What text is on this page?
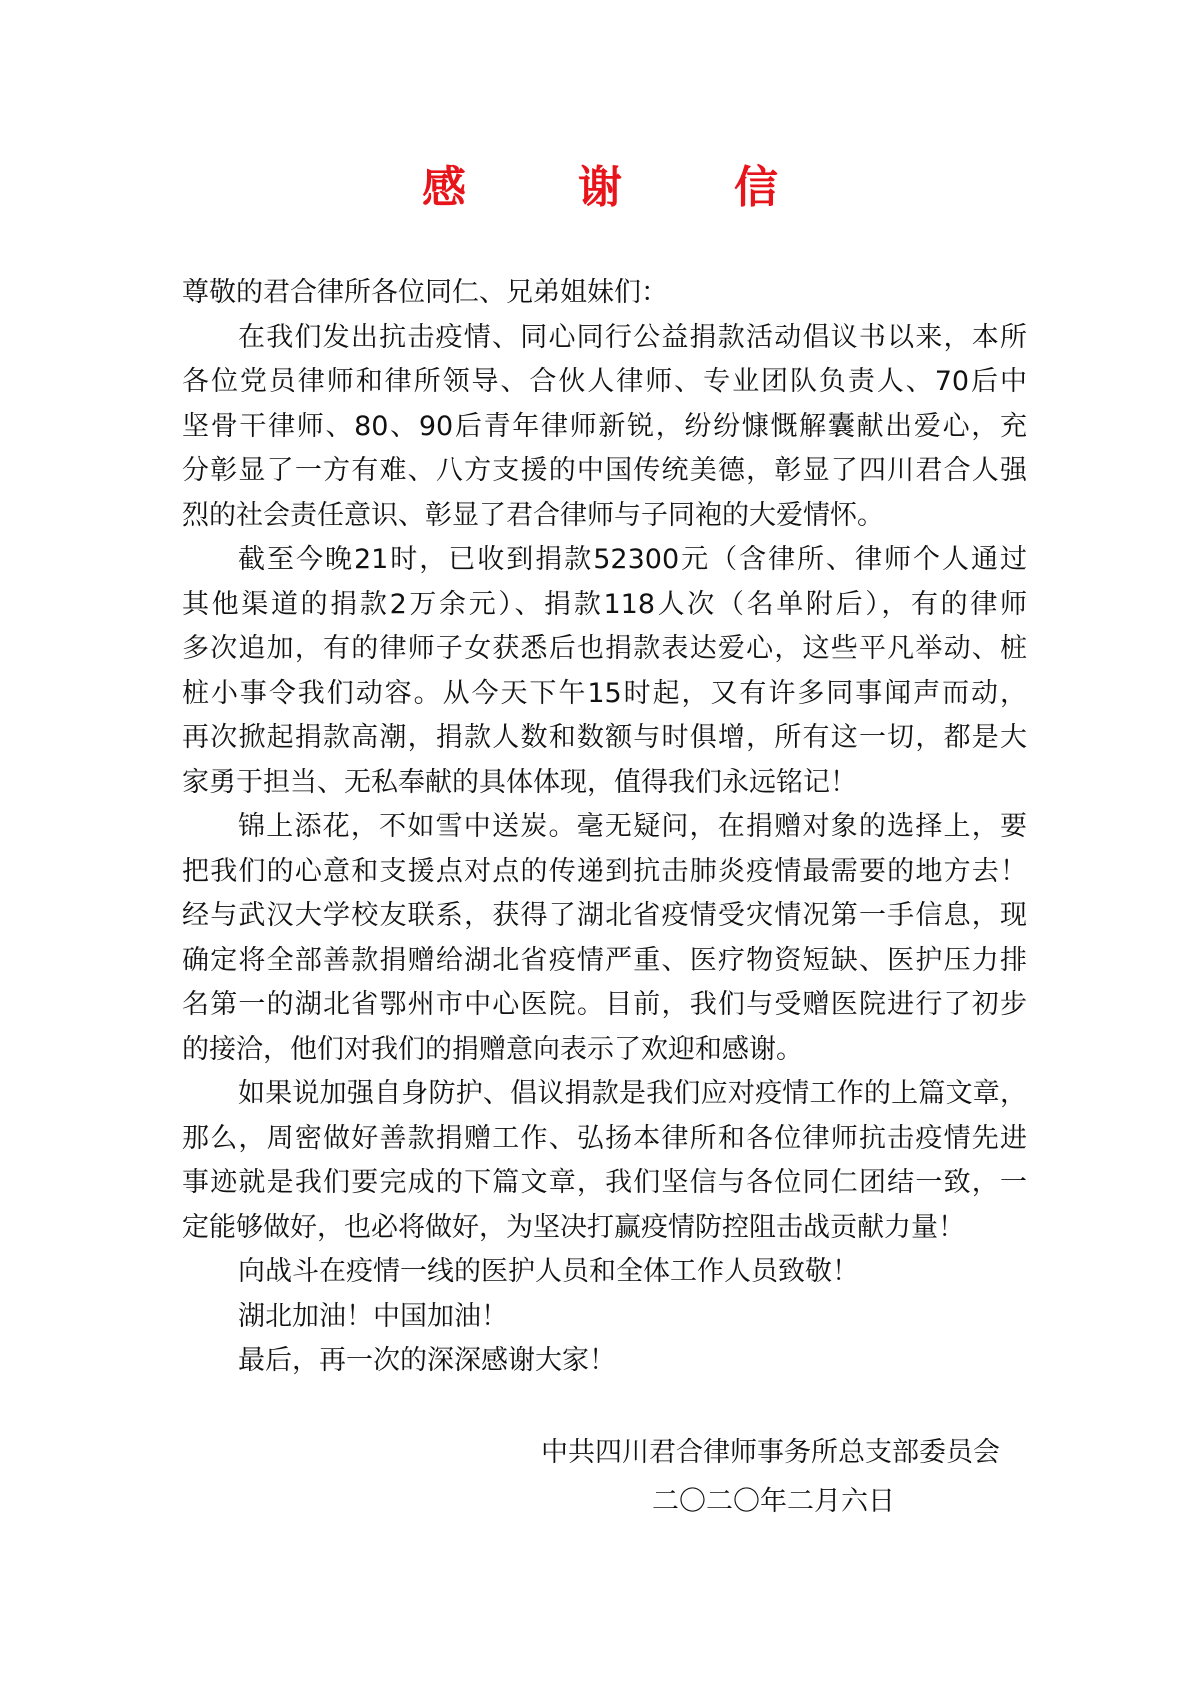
感　谢　信
尊敬的君合律所各位同仁、兄弟姐妹们：
在我们发出抗击疫情、同心同行公益捐款活动倡议书以来，本所
各位党员律师和律所领导、合伙人律师、专业团队负责人、70后中
坚骨干律师、80、90后青年律师新锐，纷纷慷慨解囊献出爱心，充
分彰显了一方有难、八方支援的中国传统美德，彰显了四川君合人强
烈的社会责任意识、彰显了君合律师与子同袍的大爱情怀。
截至今晚21时，已收到捐款52300元（含律所、律师个人通过
其他渠道的捐款2万余元）、捐款118人次（名单附后），有的律师
多次追加，有的律师子女获悉后也捐款表达爱心，这些平凡举动、桩
桩小事令我们动容。从今天下午15时起，又有许多同事闻声而动，
再次掀起捐款高潮，捐款人数和数额与时俱增，所有这一切，都是大
家勇于担当、无私奉献的具体体现，值得我们永远铭记！
锦上添花，不如雪中送炭。毫无疑问，在捐赠对象的选择上，要
把我们的心意和支援点对点的传递到抗击肺炎疫情最需要的地方去！
经与武汉大学校友联系，获得了湖北省疫情受灾情况第一手信息，现
确定将全部善款捐赠给湖北省疫情严重、医疗物资短缺、医护压力排
名第一的湖北省鄂州市中心医院。目前，我们与受赠医院进行了初步
的接洽，他们对我们的捐赠意向表示了欢迎和感谢。
如果说加强自身防护、倡议捐款是我们应对疫情工作的上篇文章，
那么，周密做好善款捐赠工作、弘扬本律所和各位律师抗击疫情先进
事迹就是我们要完成的下篇文章，我们坚信与各位同仁团结一致，一
定能够做好，也必将做好，为坚决打赢疫情防控阻击战贡献力量！
向战斗在疫情一线的医护人员和全体工作人员致敬！
湖北加油！中国加油！
最后，再一次的深深感谢大家！
中共四川君合律师事务所总支部委员会
二〇二〇年二月六日
